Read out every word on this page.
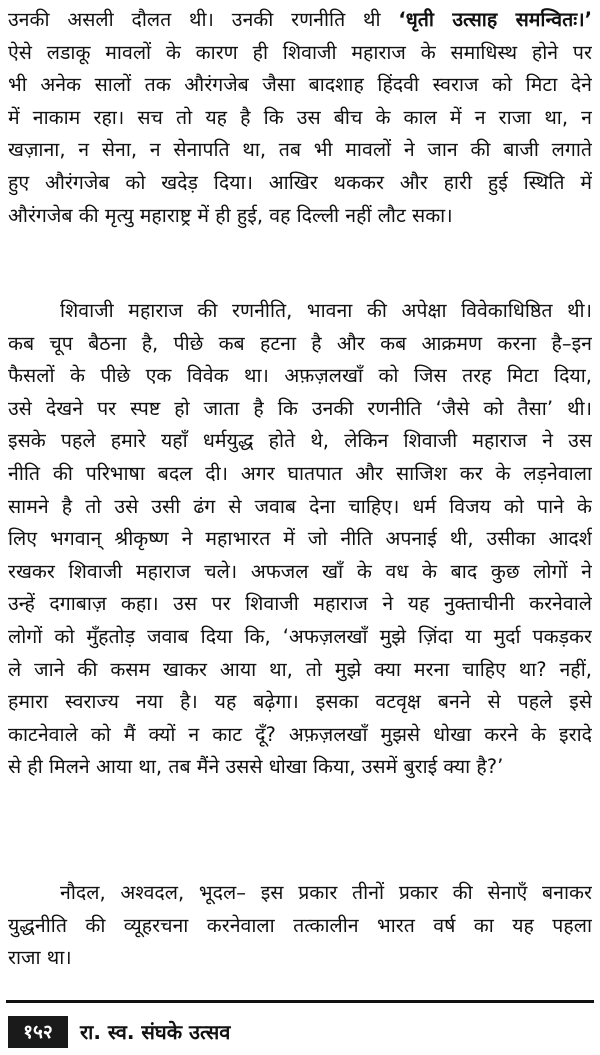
उनकी असली दौलत थी। उनकी रणनीति थी ‘धृती उत्साह समन्वितः।’
ऐसे लडाकू मावलों के कारण ही शिवाजी महाराज के समाधिस्थ होने पर
भी अनेक सालों तक औरंगजेब जैसा बादशाह हिंदवी स्वराज को मिटा देने
में नाकाम रहा। सच तो यह है कि उस बीच के काल में न राजा था, न
खज़ाना, न सेना, न सेनापति था, तब भी मावलों ने जान की बाजी लगाते
हुए औरंगजेब को खदेड़ दिया। आखिर थककर और हारी हुई स्थिति में
औरंगजेब की मृत्यु महाराष्ट्र में ही हुई, वह दिल्ली नहीं लौट सका।
शिवाजी महाराज की रणनीति, भावना की अपेक्षा विवेकाधिष्ठित थी।
कब चूप बैठना है, पीछे कब हटना है और कब आक्रमण करना है–इन
फैसलों के पीछे एक विवेक था। अफ़ज़लखाँ को जिस तरह मिटा दिया,
उसे देखने पर स्पष्ट हो जाता है कि उनकी रणनीति ‘जैसे को तैसा’ थी।
इसके पहले हमारे यहाँ धर्मयुद्ध होते थे, लेकिन शिवाजी महाराज ने उस
नीति की परिभाषा बदल दी। अगर घातपात और साजिश कर के लड़नेवाला
सामने है तो उसे उसी ढंग से जवाब देना चाहिए। धर्म विजय को पाने के
लिए भगवान् श्रीकृष्ण ने महाभारत में जो नीति अपनाई थी, उसीका आदर्श
रखकर शिवाजी महाराज चले। अफजल खाँ के वध के बाद कुछ लोगों ने
उन्हें दगाबाज़ कहा। उस पर शिवाजी महाराज ने यह नुक्ताचीनी करनेवाले
लोगों को मुँहतोड़ जवाब दिया कि, ‘अफज़लखाँ मुझे ज़िंदा या मुर्दा पकड़कर
ले जाने की कसम खाकर आया था, तो मुझे क्या मरना चाहिए था? नहीं,
हमारा स्वराज्य नया है। यह बढ़ेगा। इसका वटवृक्ष बनने से पहले इसे
काटनेवाले को मैं क्यों न काट दूँ? अफ़ज़लखाँ मुझसे धोखा करने के इरादे
से ही मिलने आया था, तब मैंने उससे धोखा किया, उसमें बुराई क्या है?’
नौदल, अश्वदल, भूदल– इस प्रकार तीनों प्रकार की सेनाएँ बनाकर
युद्धनीति की व्यूहरचना करनेवाला तत्कालीन भारत वर्ष का यह पहला
राजा था।
१५२	रा. स्व. संघके उत्सव
